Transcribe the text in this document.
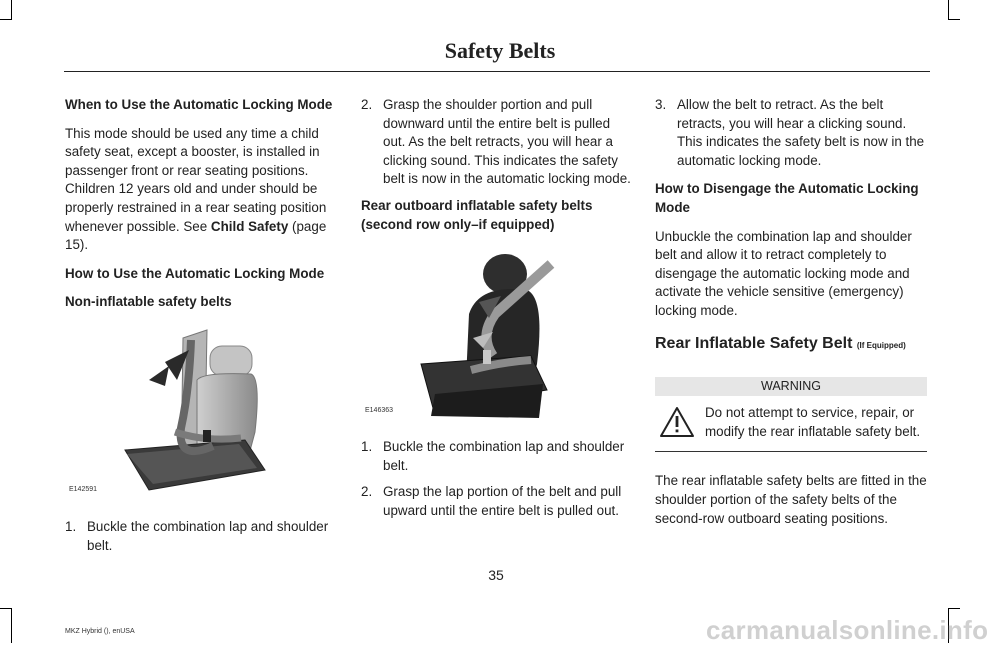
Safety Belts

When to Use the Automatic Locking Mode

This mode should be used any time a child safety seat, except a booster, is installed in passenger front or rear seating positions. Children 12 years old and under should be properly restrained in a rear seating position whenever possible. See Child Safety (page 15).

How to Use the Automatic Locking Mode

Non-inflatable safety belts

E142591
1. Buckle the combination lap and shoulder belt.
2. Grasp the shoulder portion and pull downward until the entire belt is pulled out. As the belt retracts, you will hear a clicking sound. This indicates the safety belt is now in the automatic locking mode.

Rear outboard inflatable safety belts (second row only–if equipped)

E146363
1. Buckle the combination lap and shoulder belt.
2. Grasp the lap portion of the belt and pull upward until the entire belt is pulled out.
3. Allow the belt to retract. As the belt retracts, you will hear a clicking sound. This indicates the safety belt is now in the automatic locking mode.

How to Disengage the Automatic Locking Mode

Unbuckle the combination lap and shoulder belt and allow it to retract completely to disengage the automatic locking mode and activate the vehicle sensitive (emergency) locking mode.

Rear Inflatable Safety Belt (If Equipped)
WARNING
Do not attempt to service, repair, or modify the rear inflatable safety belt.

The rear inflatable safety belts are fitted in the shoulder portion of the safety belts of the second-row outboard seating positions.

35
MKZ Hybrid (), enUSA	carmanualsonline.info
